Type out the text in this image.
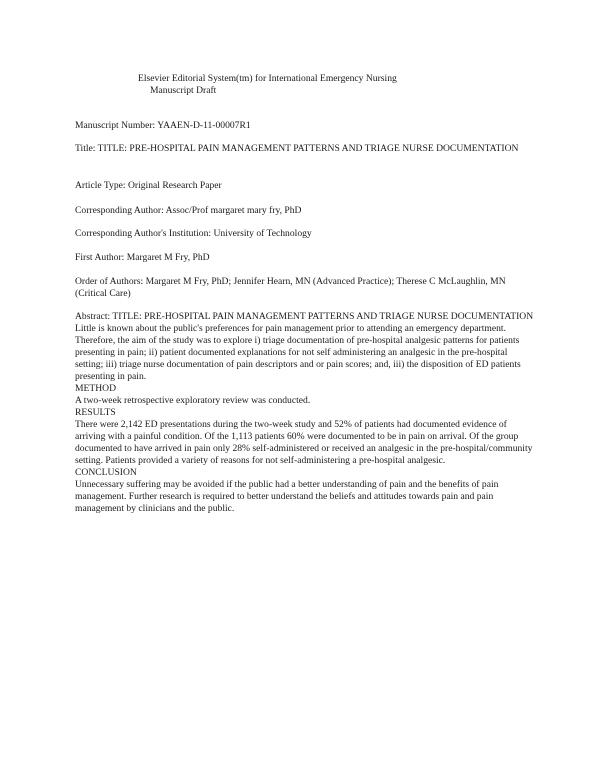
Elsevier Editorial System(tm) for International Emergency Nursing
Manuscript Draft
Manuscript Number: YAAEN-D-11-00007R1
Title: TITLE: PRE-HOSPITAL PAIN MANAGEMENT PATTERNS AND TRIAGE NURSE DOCUMENTATION
Article Type: Original Research Paper
Corresponding Author: Assoc/Prof margaret mary fry, PhD
Corresponding Author's Institution: University of Technology
First Author: Margaret M Fry, PhD
Order of Authors: Margaret M Fry, PhD; Jennifer Hearn, MN (Advanced Practice); Therese C McLaughlin, MN (Critical Care)

Abstract: TITLE: PRE-HOSPITAL PAIN MANAGEMENT PATTERNS AND TRIAGE NURSE DOCUMENTATION

Little is known about the public's preferences for pain management prior to attending an emergency department. Therefore, the aim of the study was to explore i) triage documentation of pre-hospital analgesic patterns for patients presenting in pain; ii) patient documented explanations for not self administering an analgesic in the pre-hospital setting; iii) triage nurse documentation of pain descriptors and or pain scores; and, iii) the disposition of ED patients presenting in pain.

METHOD

A two-week retrospective exploratory review was conducted.

RESULTS

There were 2,142 ED presentations during the two-week study and 52% of patients had documented evidence of arriving with a painful condition. Of the 1,113 patients 60% were documented to be in pain on arrival. Of the group documented to have arrived in pain only 28% self-administered or received an analgesic in the pre-hospital/community setting. Patients provided a variety of reasons for not self-administering a pre-hospital analgesic.

CONCLUSION

Unnecessary suffering may be avoided if the public had a better understanding of pain and the benefits of pain management. Further research is required to better understand the beliefs and attitudes towards pain and pain management by clinicians and the public.
